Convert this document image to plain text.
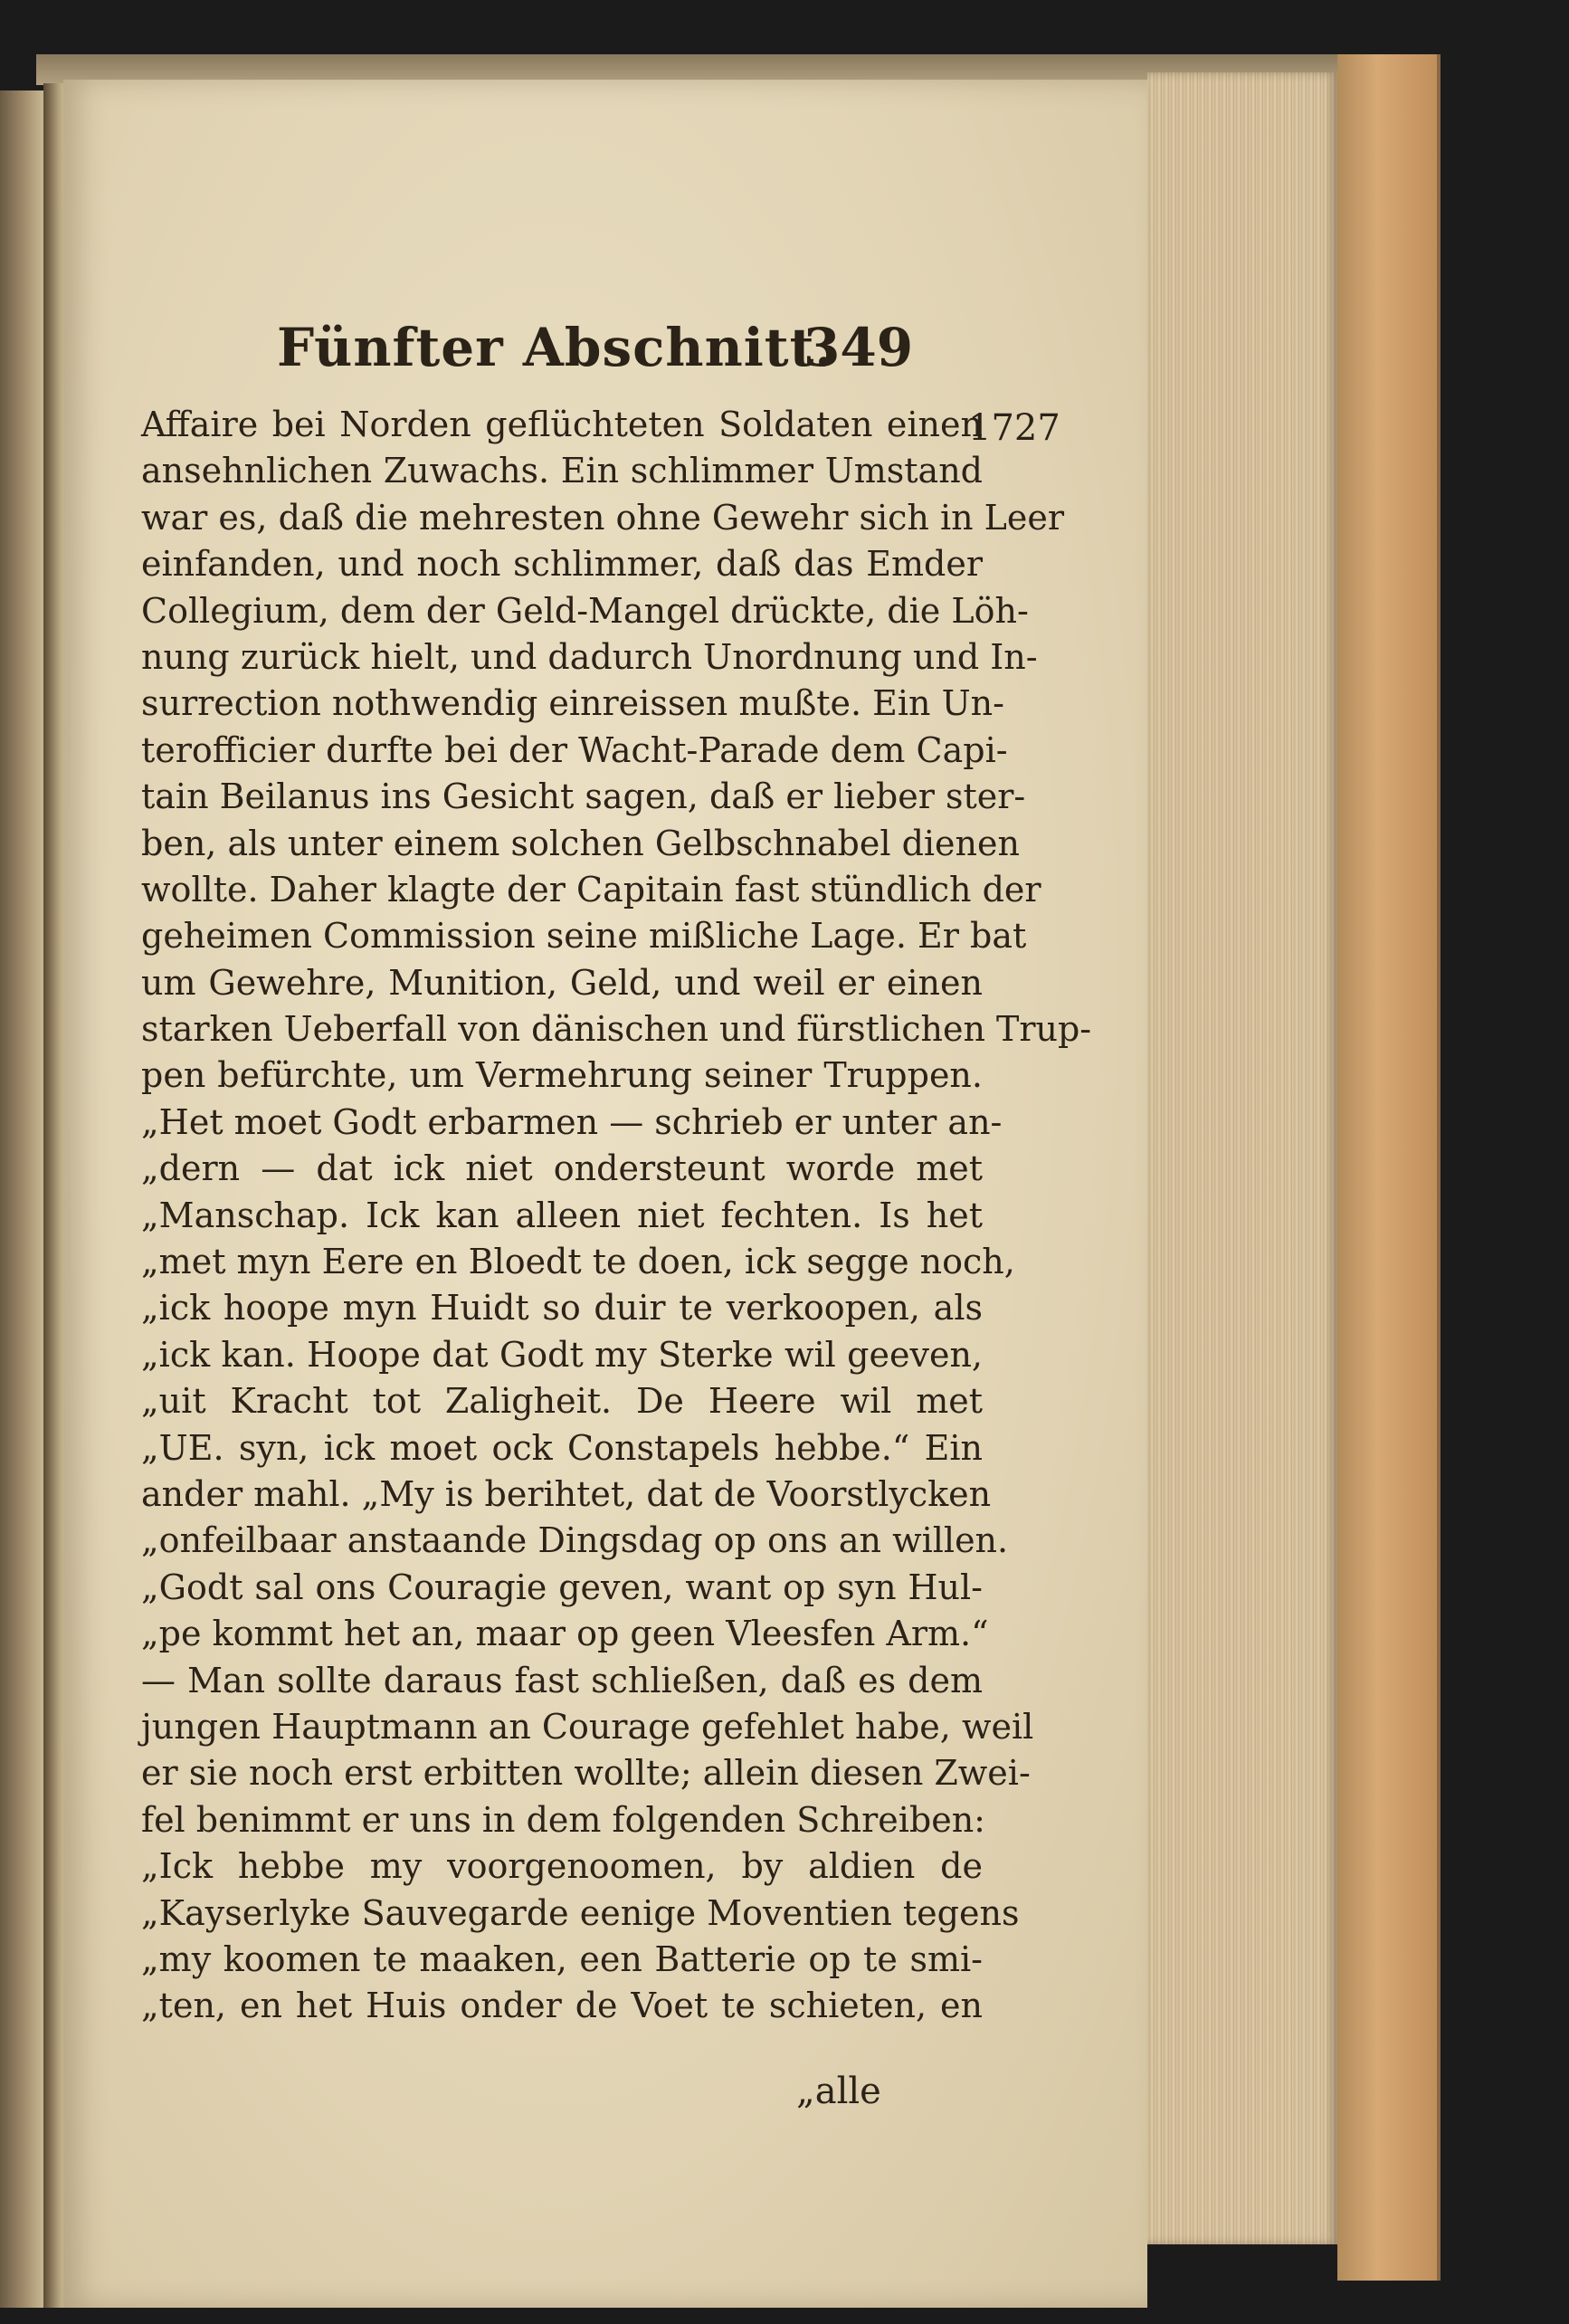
Fünfter Abschnitt.
349
1727
Affaire bei Norden geflüchteten Soldaten einen
ansehnlichen Zuwachs. Ein schlimmer Umstand
war es, daß die mehresten ohne Gewehr sich in Leer
einfanden, und noch schlimmer, daß das Emder
Collegium, dem der Geld-Mangel drückte, die Löh-
nung zurück hielt, und dadurch Unordnung und In-
surrection nothwendig einreissen mußte. Ein Un-
terofficier durfte bei der Wacht-Parade dem Capi-
tain Beilanus ins Gesicht sagen, daß er lieber ster-
ben, als unter einem solchen Gelbschnabel dienen
wollte. Daher klagte der Capitain fast stündlich der
geheimen Commission seine mißliche Lage. Er bat
um Gewehre, Munition, Geld, und weil er einen
starken Ueberfall von dänischen und fürstlichen Trup-
pen befürchte, um Vermehrung seiner Truppen.
„Het moet Godt erbarmen — schrieb er unter an-
„dern — dat ick niet ondersteunt worde met
„Manschap. Ick kan alleen niet fechten. Is het
„met myn Eere en Bloedt te doen, ick segge noch,
„ick hoope myn Huidt so duir te verkoopen, als
„ick kan. Hoope dat Godt my Sterke wil geeven,
„uit Kracht tot Zaligheit. De Heere wil met
„UE. syn, ick moet ock Constapels hebbe.“ Ein
ander mahl. „My is berihtet, dat de Voorstlycken
„onfeilbaar anstaande Dingsdag op ons an willen.
„Godt sal ons Couragie geven, want op syn Hul-
„pe kommt het an, maar op geen Vleesfen Arm.“
— Man sollte daraus fast schließen, daß es dem
jungen Hauptmann an Courage gefehlet habe, weil
er sie noch erst erbitten wollte; allein diesen Zwei-
fel benimmt er uns in dem folgenden Schreiben:
„Ick hebbe my voorgenoomen, by aldien de
„Kayserlyke Sauvegarde eenige Moventien tegens
„my koomen te maaken, een Batterie op te smi-
„ten, en het Huis onder de Voet te schieten, en
„alle
